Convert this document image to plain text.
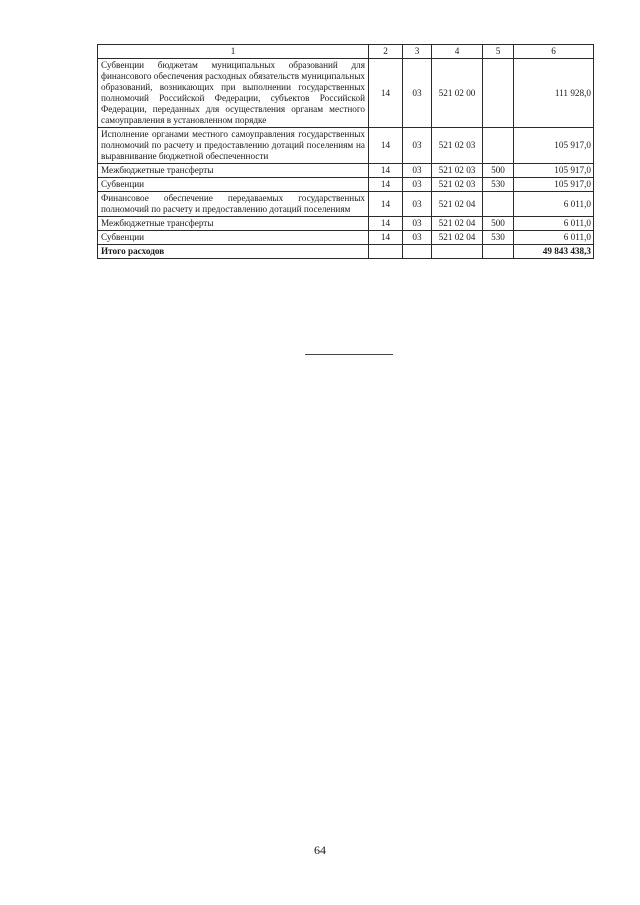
1	2	3	4	5	6
Субвенции бюджетам муниципальных образований для финансового обеспечения расходных обязательств муниципальных образований, возникающих при выполнении государственных полномочий Российской Федерации, субъектов Российской Федерации, переданных для осуществления органам местного самоуправления в установленном порядке	14	03	521 02 00		111 928,0
Исполнение органами местного самоуправления государственных полномочий по расчету и предоставлению дотаций поселениям на выравнивание бюджетной обеспеченности	14	03	521 02 03		105 917,0
Межбюджетные трансферты	14	03	521 02 03	500	105 917,0
Субвенции	14	03	521 02 03	530	105 917,0
Финансовое обеспечение передаваемых государственных полномочий по расчету и предоставлению дотаций поселениям	14	03	521 02 04		6 011,0
Межбюджетные трансферты	14	03	521 02 04	500	6 011,0
Субвенции	14	03	521 02 04	530	6 011,0
Итого расходов					49 843 438,3
64
